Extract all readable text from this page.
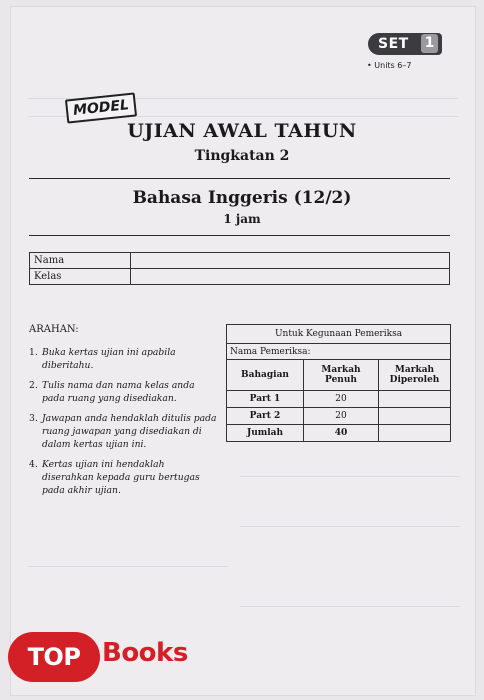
SET 1
• Units 6–7
MODEL
UJIAN AWAL TAHUN
Tingkatan 2
Bahasa Inggeris (12/2)
1 jam
Nama	
Kelas	
ARAHAN:
1. Buka kertas ujian ini apabila diberitahu.
2. Tulis nama dan nama kelas anda pada ruang yang disediakan.
3. Jawapan anda hendaklah ditulis pada ruang jawapan yang disediakan di dalam kertas ujian ini.
4. Kertas ujian ini hendaklah diserahkan kepada guru bertugas pada akhir ujian.
Untuk Kegunaan Pemeriksa		
Nama Pemeriksa:		
Bahagian	Markah Penuh	Markah Diperoleh
Part 1	20	
Part 2	20	
Jumlah	40	
TOP Books
